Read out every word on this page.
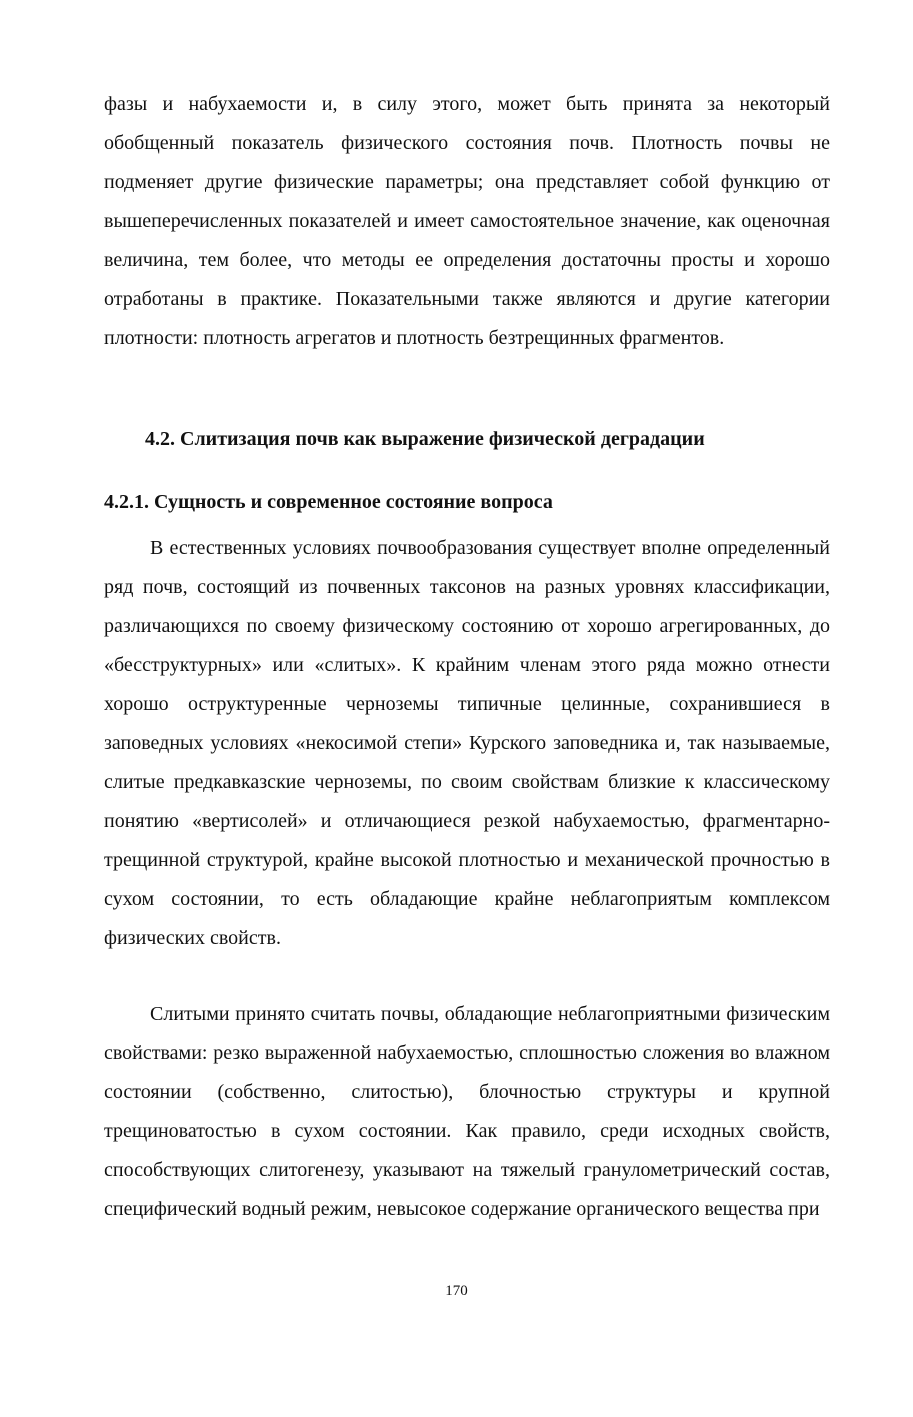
фазы и набухаемости и, в силу этого, может быть принята за некоторый обобщенный показатель физического состояния почв. Плотность почвы не подменяет другие физические параметры; она представляет собой функцию от вышеперечисленных показателей и имеет самостоятельное значение, как оценочная величина, тем более, что методы ее определения достаточны просты и хорошо отработаны в практике. Показательными также являются и другие категории плотности: плотность агрегатов и плотность безтрещинных фрагментов.

4.2. Слитизация почв как выражение физической деградации
4.2.1. Сущность и современное состояние вопроса

В естественных условиях почвообразования существует вполне определенный ряд почв, состоящий из почвенных таксонов на разных уровнях классификации, различающихся по своему физическому состоянию от хорошо агрегированных, до «бесструктурных» или «слитых». К крайним членам этого ряда можно отнести хорошо оструктуренные черноземы типичные целинные, сохранившиеся в заповедных условиях «некосимой степи» Курского заповедника и, так называемые, слитые предкавказские черноземы, по своим свойствам близкие к классическому понятию «вертисолей» и отличающиеся резкой набухаемостью, фрагментарно-трещинной структурой, крайне высокой плотностью и механической прочностью в сухом состоянии, то есть обладающие крайне неблагоприятым комплексом физических свойств.

Слитыми принято считать почвы, обладающие неблагоприятными физическим свойствами: резко выраженной набухаемостью, сплошностью сложения во влажном состоянии (собственно, слитостью), блочностью структуры и крупной трещиноватостью в сухом состоянии. Как правило, среди исходных свойств, способствующих слитогенезу, указывают на тяжелый гранулометрический состав, специфический водный режим, невысокое содержание органического вещества при

170
